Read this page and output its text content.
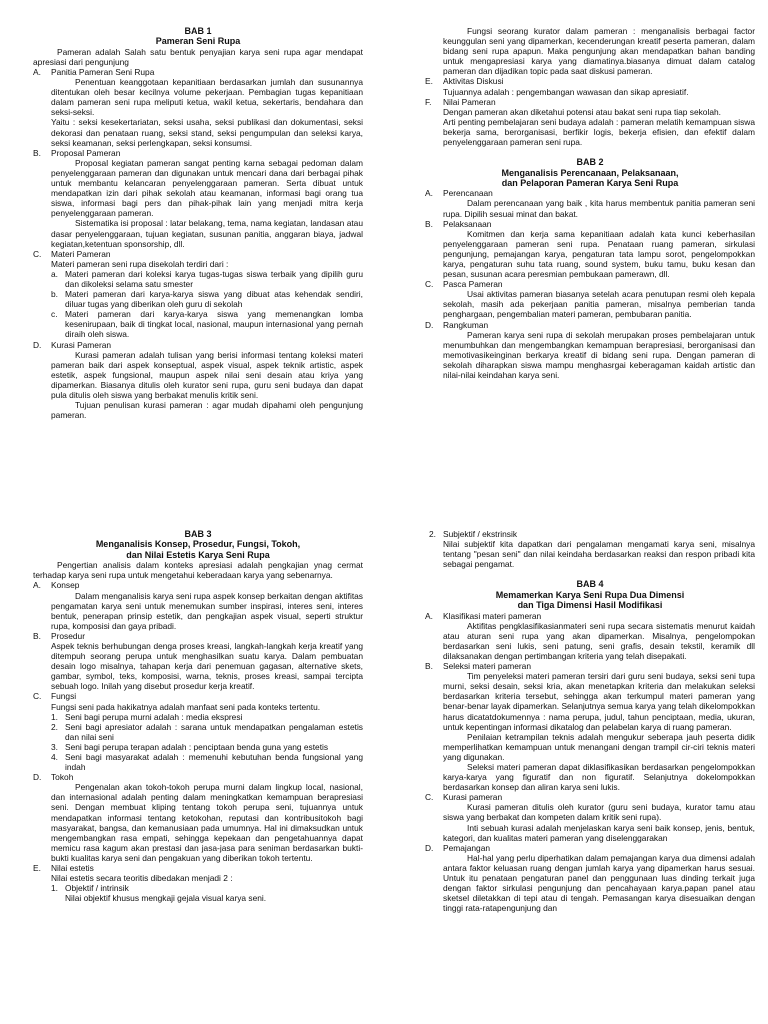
BAB 1
Pameran Seni Rupa

Pameran adalah Salah satu bentuk penyajian karya seni rupa agar mendapat apresiasi dari pengunjung

A.	Panitia Pameran Seni Rupa

Penentuan keanggotaan kepanitiaan berdasarkan jumlah dan susunannya ditentukan oleh besar kecilnya volume pekerjaan. Pembagian tugas kepanitiaan dalam pameran seni rupa meliputi ketua, wakil ketua, sekertaris, bendahara dan seksi-seksi.

Yaitu : seksi kesekertariatan, seksi usaha, seksi publikasi dan dokumentasi, seksi dekorasi dan penataan ruang, seksi stand, seksi pengumpulan dan seleksi karya, seksi keamanan, seksi perlengkapan, seksi konsumsi.

B.	Proposal Pameran

Proposal kegiatan pameran sangat penting karna sebagai pedoman dalam penyelenggaraan pameran dan digunakan untuk mencari dana dari berbagai pihak untuk membantu kelancaran penyelenggaraan pameran. Serta dibuat untuk mendapatkan izin dari pihak sekolah atau keamanan, informasi bagi orang tua siswa, informasi bagi pers dan pihak-pihak lain yang menjadi mitra kerja penyelenggaraan pameran.

Sistematika isi proposal : latar belakang, tema, nama kegiatan, landasan atau dasar penyelenggaraan, tujuan kegiatan, susunan panitia, anggaran biaya, jadwal kegiatan,ketentuan sponsorship, dll.

C.	Materi Pameran

Materi pameran seni rupa disekolah terdiri dari :

a. Materi pameran dari koleksi karya tugas-tugas siswa terbaik yang dipilih guru dan dikoleksi selama satu smester
b. Materi pameran dari karya-karya siswa yang dibuat atas kehendak sendiri, diluar tugas yang diberikan oleh guru di sekolah
c. Materi pameran dari karya-karya siswa yang memenangkan lomba kesenirupaan, baik di tingkat local, nasional, maupun internasional yang pernah diraih oleh siswa.
D.	Kurasi Pameran

Kurasi pameran adalah tulisan yang berisi informasi tentang koleksi materi pameran baik dari aspek konseptual, aspek visual, aspek teknik artistic, aspek estetik, aspek fungsional, maupun aspek nilai seni desain atau kriya yang dipamerkan. Biasanya ditulis oleh kurator seni rupa, guru seni budaya dan dapat pula ditulis oleh siswa yang berbakat menulis kritik seni.

Tujuan penulisan kurasi pameran : agar mudah dipahami oleh pengunjung pameran.

Fungsi seorang kurator dalam pameran : menganalisis berbagai factor keunggulan seni yang dipamerkan, kecenderungan kreatif peserta pameran, dalam bidang seni rupa apapun. Maka pengunjung akan mendapatkan bahan banding untuk mengapresiasi karya yang diamatinya.biasanya dimuat dalam catalog pameran dan dijadikan topic pada saat diskusi pameran.

E.	Aktivitas Diskusi

Tujuannya adalah : pengembangan wawasan dan sikap apresiatif.

F.	Nilai Pameran

Dengan pameran akan diketahui potensi atau bakat seni rupa tiap sekolah.

Arti penting pembelajaran seni budaya adalah : pameran melatih kemampuan siswa bekerja sama, berorganisasi, berfikir logis, bekerja efisien, dan efektif dalam penyelenggaraan pameran seni rupa.

BAB 2
Menganalisis Perencanaan, Pelaksanaan,
dan Pelaporan Pameran Karya Seni Rupa
A.	Perencanaan

Dalam perencanaan yang baik , kita harus membentuk panitia pameran seni rupa. Dipilih sesuai minat dan bakat.

B.	Pelaksanaan

Komitmen dan kerja sama kepanitiaan adalah kata kunci keberhasilan penyelenggaraan pameran seni rupa. Penataan ruang pameran, sirkulasi pengunjung, pemajangan karya, pengaturan tata lampu sorot, pengelompokkan karya, pengaturan suhu tata ruang, sound system, buku tamu, buku kesan dan pesan, susunan acara peresmian pembukaan pamerawn, dll.

C.	Pasca Pameran

Usai aktivitas pameran biasanya setelah acara penutupan resmi oleh kepala sekolah, masih ada pekerjaan panitia pameran, misalnya pemberian tanda penghargaan, pengembalian materi pameran, pembubaran panitia.

D.	Rangkuman

Pameran karya seni rupa di sekolah merupakan proses pembelajaran untuk menumbuhkan dan mengembangkan kemampuan berapresiasi, berorganisasi dan memotivasikeinginan berkarya kreatif di bidang seni rupa. Dengan pameran di sekolah diharapkan siswa mampu menghasrgai keberagaman kaidah artistic dan nilai-nilai keindahan karya seni.

BAB 3
Menganalisis Konsep, Prosedur, Fungsi, Tokoh,
dan Nilai Estetis Karya Seni Rupa

Pengertian analisis dalam konteks apresiasi adalah pengkajian ynag cermat terhadap karya seni rupa untuk mengetahui keberadaan karya yang sebenarnya.

A.	Konsep

Dalam menganalisis karya seni rupa aspek konsep berkaitan dengan aktifitas pengamatan karya seni untuk menemukan sumber inspirasi, interes seni, interes bentuk, penerapan prinsip estetik, dan pengkajian aspek visual, seperti struktur rupa, komposisi dan gaya pribadi.

B.	Prosedur

Aspek teknis berhubungan denga proses kreasi, langkah-langkah kerja kreatif yang ditempuh seorang perupa untuk menghasilkan suatu karya. Dalam pembuatan desain logo misalnya, tahapan kerja dari penemuan gagasan, alternative skets, gambar, symbol, teks, komposisi, warna, teknis, proses kreasi, sampai tercipta sebuah logo. Inilah yang disebut prosedur kerja kreatif.

C.	Fungsi

Fungsi seni pada hakikatnya adalah manfaat seni pada konteks tertentu.

1. Seni bagi perupa murni adalah : media ekspresi
2. Seni bagi apresiator adalah : sarana untuk mendapatkan pengalaman estetis dan nilai seni
3. Seni bagi perupa terapan adalah : penciptaan benda guna yang estetis
4. Seni bagi masyarakat adalah : memenuhi kebutuhan benda fungsional yang indah
D.	Tokoh

Pengenalan akan tokoh-tokoh perupa murni dalam lingkup local, nasional, dan internasional adalah penting dalam meningkatkan kemampuan berapresiasi seni. Dengan membuat kliping tentang tokoh perupa seni, tujuannya untuk mendapatkan informasi tentang ketokohan, reputasi dan kontribusitokoh bagi masyarakat, bangsa, dan kemanusiaan pada umumnya. Hal ini dimaksudkan untuk mengembangkan rasa empati, sehingga kepekaan dan pengetahuannya dapat memicu rasa kagum akan prestasi dan jasa-jasa para seniman berdasarkan bukti-bukti kualitas karya seni dan pengakuan yang diberikan tokoh tertentu.

E.	Nilai estetis

Nilai estetis secara teoritis dibedakan menjadi 2 :

1. Objektif / intrinsik

Nilai objektif khusus mengkaji gejala visual karya seni.

2. Subjektif / ekstrinsik

Nilai subjektif kita dapatkan dari pengalaman mengamati karya seni, misalnya tentang "pesan seni" dan nilai keindaha berdasarkan reaksi dan respon pribadi kita sebagai pengamat.

BAB 4
Memamerkan Karya Seni Rupa Dua Dimensi
dan Tiga Dimensi Hasil Modifikasi
A.	Klasifikasi materi pameran

Aktifitas pengklasifikasianmateri seni rupa secara sistematis menurut kaidah atau aturan seni rupa yang akan dipamerkan. Misalnya, pengelompokan berdasarkan seni lukis, seni patung, seni grafis, desain tekstil, keramik dll dilaksanakan dengan pertimbangan kriteria yang telah disepakati.

B.	Seleksi materi pameran

Tim penyeleksi materi pameran tersiri dari guru seni budaya, seksi seni tupa murni, seksi desain, seksi kria, akan menetapkan kriteria dan melakukan seleksi berdasarkan kriteria tersebut, sehingga akan terkumpul materi pameran yang benar-benar layak dipamerkan. Selanjutnya semua karya yang telah dikelompokkan harus dicatatdokumennya : nama perupa, judul, tahun penciptaan, media, ukuran, untuk kepentingan informasi dikatalog dan pelabelan karya di ruang pameran.

Penilaian ketrampilan teknis adalah mengukur seberapa jauh peserta didik memperlihatkan kemampuan untuk menangani dengan trampil cir-ciri teknis materi yang digunakan.

Seleksi materi pameran dapat diklasifikasikan berdasarkan pengelompokkan karya-karya yang figuratif dan non figuratif. Selanjutnya dokelompokkan berdasarkan konsep dan aliran karya seni lukis.

C.	Kurasi pameran

Kurasi pameran ditulis oleh kurator (guru seni budaya, kurator tamu atau siswa yang berbakat dan kompeten dalam kritik seni rupa).

Inti sebuah kurasi adalah menjelaskan karya seni baik konsep, jenis, bentuk, kategori, dan kualitas materi pameran yang diselenggarakan

D.	Pemajangan

Hal-hal yang perlu diperhatikan dalam pemajangan karya dua dimensi adalah antara faktor keluasan ruang dengan jumlah karya yang dipamerkan harus sesuai. Untuk itu penataan pengaturan panel dan penggunaan luas dinding terkait juga dengan faktor sirkulasi pengunjung dan pencahayaan karya.papan panel atau sketsel diletakkan di tepi atau di tengah. Pemasangan karya disesuaikan dengan tinggi rata-ratapengunjung dan
